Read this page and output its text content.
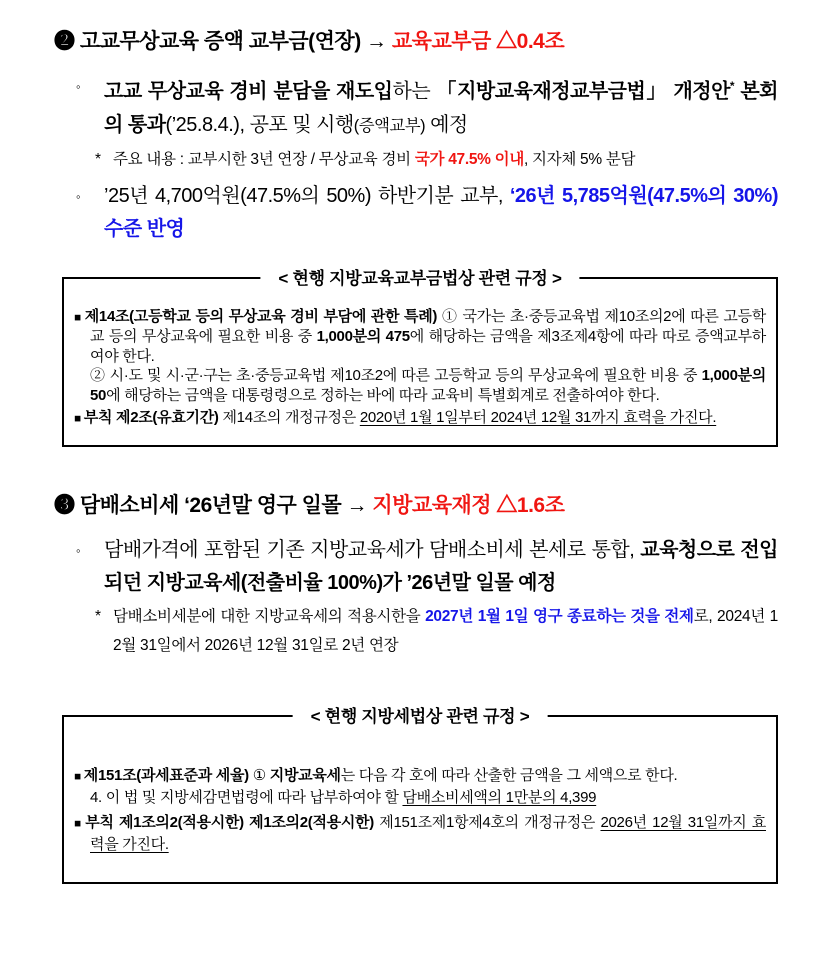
❷ 고교무상교육 증액 교부금(연장) → 교육교부금 △0.4조
◦	고교 무상교육 경비 분담을 재도입하는 「지방교육재정교부금법」 개정안* 본회의 통과(’25.8.4.), 공포 및 시행(증액교부) 예정
* 주요 내용 : 교부시한 3년 연장 / 무상교육 경비 국가 47.5% 이내, 지자체 5% 분담
◦	’25년 4,700억원(47.5%의 50%) 하반기분 교부, ‘26년 5,785억원(47.5%의 30%) 수준 반영
< 현행 지방교육교부금법상 관련 규정 >

■ 제14조(고등학교 등의 무상교육 경비 부담에 관한 특례) ① 국가는 초·중등교육법 제10조의2에 따른 고등학교 등의 무상교육에 필요한 비용 중 1,000분의 475에 해당하는 금액을 제3조제4항에 따라 따로 증액교부하여야 한다.

② 시·도 및 시·군·구는 초·중등교육법 제10조2에 따른 고등학교 등의 무상교육에 필요한 비용 중 1,000분의 50에 해당하는 금액을 대통령령으로 정하는 바에 따라 교육비 특별회계로 전출하여야 한다.

■ 부칙 제2조(유효기간) 제14조의 개정규정은 2020년 1월 1일부터 2024년 12월 31까지 효력을 가진다.

❸ 담배소비세 ‘26년말 영구 일몰 → 지방교육재정 △1.6조
◦	담배가격에 포함된 기존 지방교육세가 담배소비세 본세로 통합, 교육청으로 전입되던 지방교육세(전출비율 100%)가 ’26년말 일몰 예정
* 담배소비세분에 대한 지방교육세의 적용시한을 2027년 1월 1일 영구 종료하는 것을 전제로, 2024년 12월 31일에서 2026년 12월 31일로 2년 연장
< 현행 지방세법상 관련 규정 >

■ 제151조(과세표준과 세율) ① 지방교육세는 다음 각 호에 따라 산출한 금액을 그 세액으로 한다.

4. 이 법 및 지방세감면법령에 따라 납부하여야 할 담배소비세액의 1만분의 4,399

■ 부칙 제1조의2(적용시한) 제1조의2(적용시한) 제151조제1항제4호의 개정규정은 2026년 12월 31일까지 효력을 가진다.
